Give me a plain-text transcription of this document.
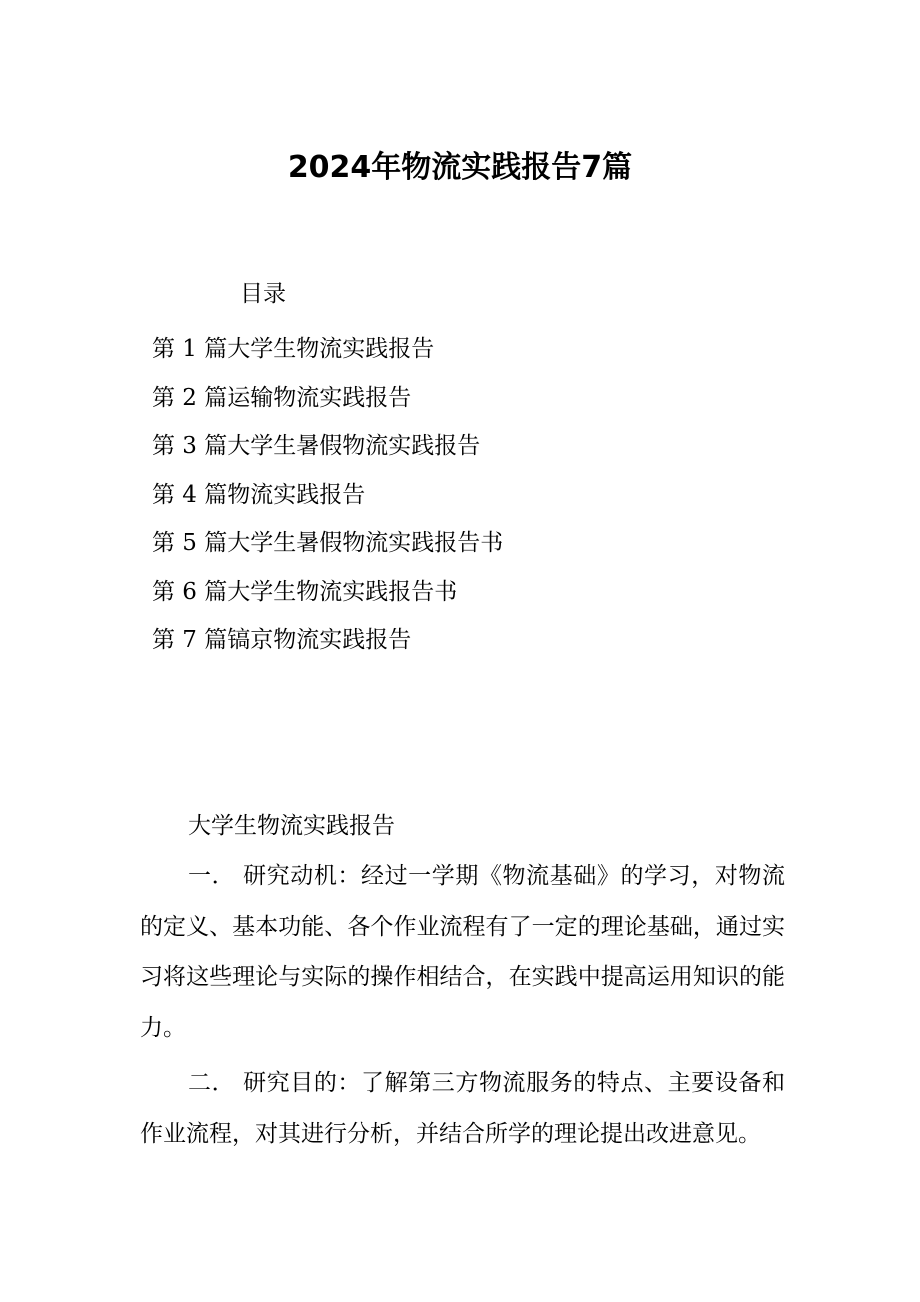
2024年物流实践报告7篇
目录
第 1 篇大学生物流实践报告
第 2 篇运输物流实践报告
第 3 篇大学生暑假物流实践报告
第 4 篇物流实践报告
第 5 篇大学生暑假物流实践报告书
第 6 篇大学生物流实践报告书
第 7 篇镐京物流实践报告
大学生物流实践报告

一． 研究动机：经过一学期《物流基础》的学习，对物流的定义、基本功能、各个作业流程有了一定的理论基础，通过实习将这些理论与实际的操作相结合，在实践中提高运用知识的能力。

二． 研究目的：了解第三方物流服务的特点、主要设备和作业流程，对其进行分析，并结合所学的理论提出改进意见。
